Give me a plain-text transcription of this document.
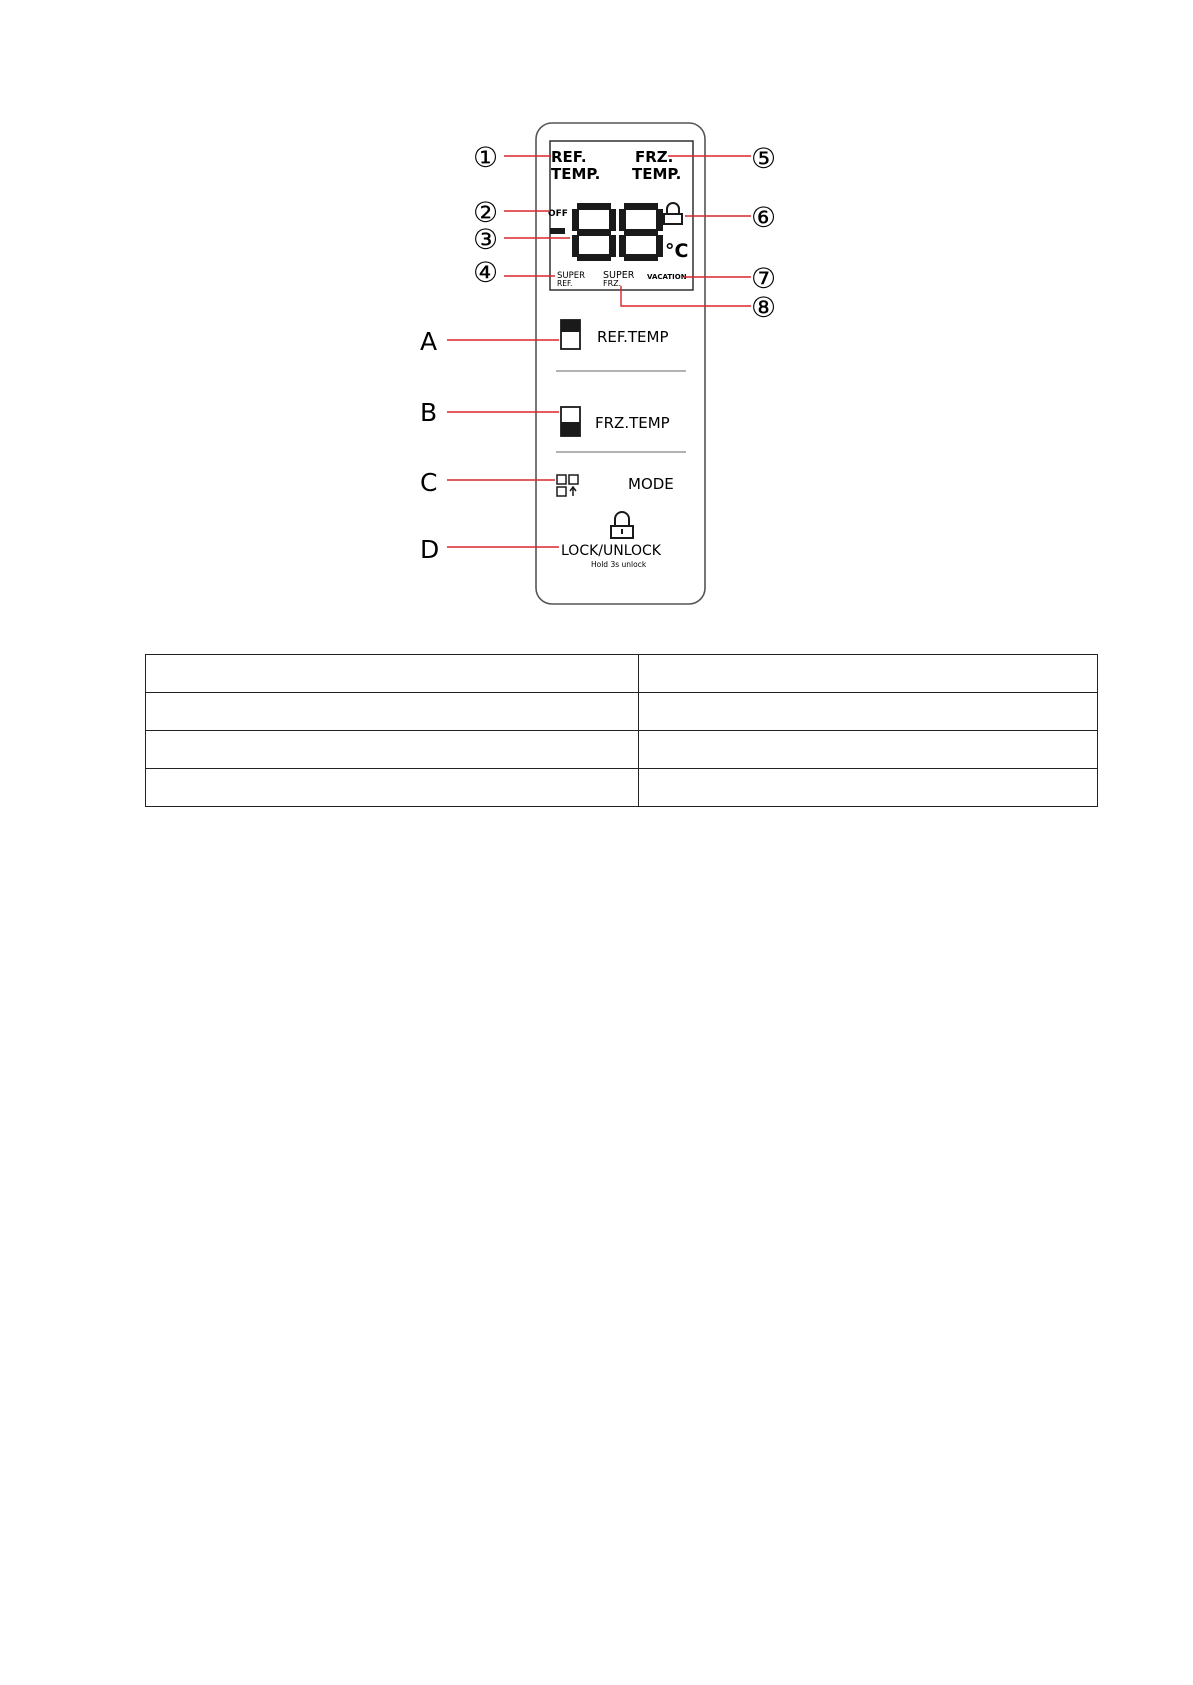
REF.
TEMP.
FRZ.
TEMP.
OFF
°C
SUPER
REF.
SUPER
FRZ.
VACATION
REF.TEMP
FRZ.TEMP
MODE
LOCK/UNLOCK
Hold 3s unlock
①
②
③
④
⑤
⑥
⑦
⑧
A
B
C
D
